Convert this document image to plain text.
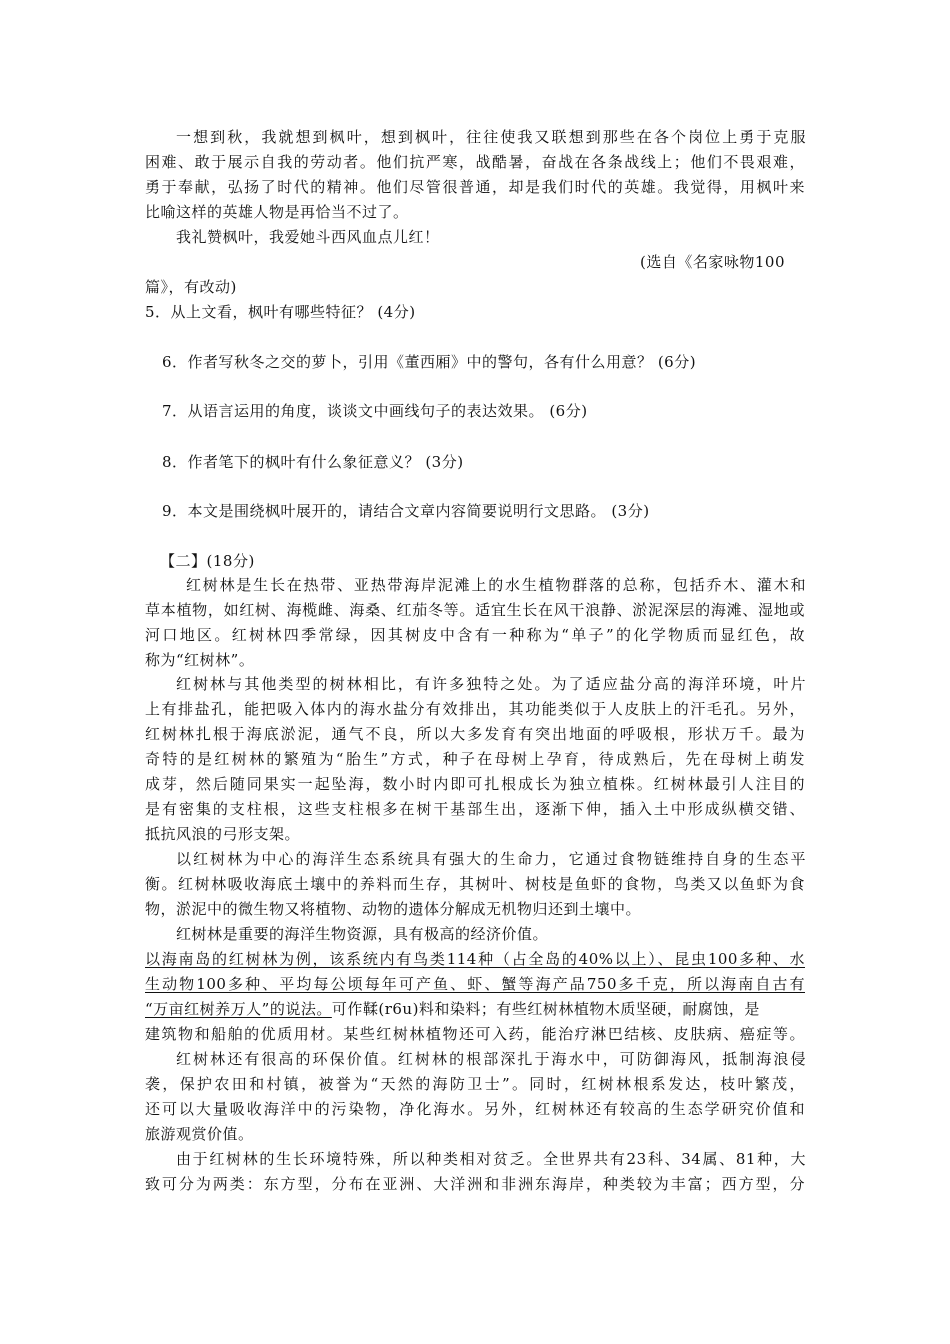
一想到秋，我就想到枫叶，想到枫叶，往往使我又联想到那些在各个岗位上勇于克服
困难、敢于展示自我的劳动者。他们抗严寒，战酷暑，奋战在各条战线上；他们不畏艰难，
勇于奉献，弘扬了时代的精神。他们尽管很普通，却是我们时代的英雄。我觉得，用枫叶来
比喻这样的英雄人物是再恰当不过了。
我礼赞枫叶，我爱她斗西风血点儿红！
(选自《名家咏物100
篇》，有改动)
5．从上文看，枫叶有哪些特征？ (4分)
6．作者写秋冬之交的萝卜，引用《董西厢》中的警句，各有什么用意？ (6分)
7．从语言运用的角度，谈谈文中画线句子的表达效果。 (6分)
8．作者笔下的枫叶有什么象征意义？ (3分)
9．本文是围绕枫叶展开的，请结合文章内容简要说明行文思路。 (3分)
【二】(18分)
红树林是生长在热带、亚热带海岸泥滩上的水生植物群落的总称，包括乔木、灌木和
草本植物，如红树、海榄雌、海桑、红茄冬等。适宜生长在风干浪静、淤泥深层的海滩、湿地或
河口地区。红树林四季常绿，因其树皮中含有一种称为“单子”的化学物质而显红色，故
称为“红树林”。
红树林与其他类型的树林相比，有许多独特之处。为了适应盐分高的海洋环境，叶片
上有排盐孔，能把吸入体内的海水盐分有效排出，其功能类似于人皮肤上的汗毛孔。另外，
红树林扎根于海底淤泥，通气不良，所以大多发育有突出地面的呼吸根，形状万千。最为
奇特的是红树林的繁殖为“胎生”方式，种子在母树上孕育，待成熟后，先在母树上萌发
成芽，然后随同果实一起坠海，数小时内即可扎根成长为独立植株。红树林最引人注目的
是有密集的支柱根，这些支柱根多在树干基部生出，逐渐下伸，插入土中形成纵横交错、
抵抗风浪的弓形支架。
以红树林为中心的海洋生态系统具有强大的生命力，它通过食物链维持自身的生态平
衡。红树林吸收海底土壤中的养料而生存，其树叶、树枝是鱼虾的食物，鸟类又以鱼虾为食
物，淤泥中的微生物又将植物、动物的遗体分解成无机物归还到土壤中。
红树林是重要的海洋生物资源，具有极高的经济价值。
以海南岛的红树林为例，该系统内有鸟类114种（占全岛的40%以上）、昆虫100多种、水
生动物100多种、平均每公顷每年可产鱼、虾、蟹等海产品750多千克，所以海南自古有
“万亩红树养万人”的说法。可作鞣(r6u)料和染料；有些红树林植物木质坚硬，耐腐蚀，是
建筑物和船舶的优质用材。某些红树林植物还可入药，能治疗淋巴结核、皮肤病、癌症等。
红树林还有很高的环保价值。红树林的根部深扎于海水中，可防御海风，抵制海浪侵
袭，保护农田和村镇，被誉为“天然的海防卫士”。同时，红树林根系发达，枝叶繁茂，
还可以大量吸收海洋中的污染物，净化海水。另外，红树林还有较高的生态学研究价值和
旅游观赏价值。
由于红树林的生长环境特殊，所以种类相对贫乏。全世界共有23科、34属、81种，大
致可分为两类：东方型，分布在亚洲、大洋洲和非洲东海岸，种类较为丰富；西方型，分
